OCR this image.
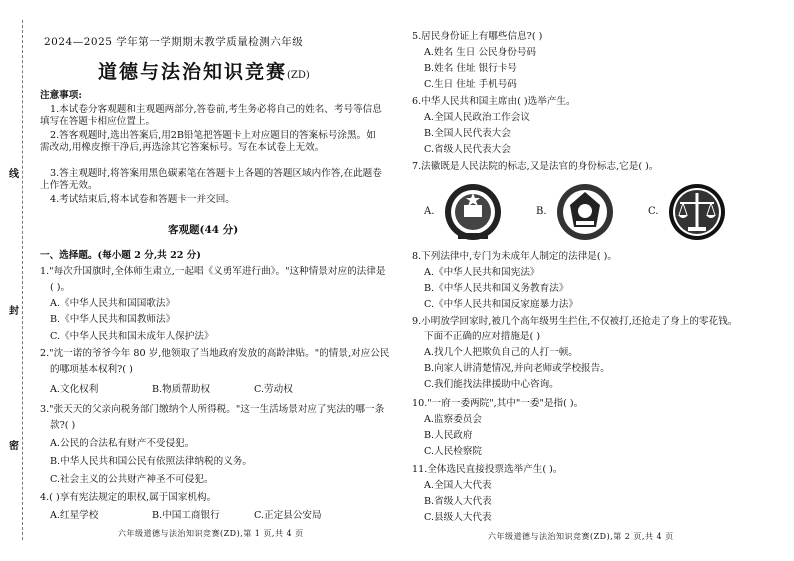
线
封
密
2024—2025 学年第一学期期末教学质量检测六年级
道德与法治知识竞赛(ZD)
注意事项:
1.本试卷分客观题和主观题两部分,答卷前,考生务必将自己的姓名、考号等信息填写在答题卡相应位置上。
2.答客观题时,选出答案后,用2B铅笔把答题卡上对应题目的答案标号涂黑。如需改动,用橡皮擦干净后,再选涂其它答案标号。写在本试卷上无效。
3.答主观题时,将答案用黑色碳素笔在答题卡上各题的答题区域内作答,在此题卷上作答无效。
4.考试结束后,将本试卷和答题卡一并交回。
客观题(44 分)
一、选择题。(每小题 2 分,共 22 分)
1."每次升国旗时,全体师生肃立,一起唱《义勇军进行曲》。"这种情景对应的法律是
( )。
A.《中华人民共和国国歌法》
B.《中华人民共和国教师法》
C.《中华人民共和国未成年人保护法》
2."沈一诺的爷爷今年 80 岁,他领取了当地政府发放的高龄津贴。"的情景,对应公民
的哪项基本权利?( )
A.文化权利	B.物质帮助权	C.劳动权
3."张天天的父亲向税务部门缴纳个人所得税。"这一生活场景对应了宪法的哪一条
款?( )
A.公民的合法私有财产不受侵犯。
B.中华人民共和国公民有依照法律纳税的义务。
C.社会主义的公共财产神圣不可侵犯。
4.( )享有宪法规定的职权,属于国家机构。
A.红星学校	B.中国工商银行	C.正定县公安局
六年级道德与法治知识竞赛(ZD),第 1 页,共 4 页
5.居民身份证上有哪些信息?( )
A.姓名 生日 公民身份号码
B.姓名 住址 银行卡号
C.生日 住址 手机号码
6.中华人民共和国主席由( )选举产生。
A.全国人民政治工作会议
B.全国人民代表大会
C.省级人民代表大会
7.法徽既是人民法院的标志,又是法官的身份标志,它是( )。
A.	B.	C.
8.下列法律中,专门为未成年人制定的法律是( )。
A.《中华人民共和国宪法》
B.《中华人民共和国义务教育法》
C.《中华人民共和国反家庭暴力法》
9.小明放学回家时,被几个高年级男生拦住,不仅被打,还抢走了身上的零花钱。
下面不正确的应对措施是( )
A.找几个人把欺负自己的人打一顿。
B.向家人讲清楚情况,并向老师或学校报告。
C.我们能找法律援助中心咨询。
10."一府一委两院",其中"一委"是指( )。
A.监察委员会
B.人民政府
C.人民检察院
11.全体选民直接投票选举产生( )。
A.全国人大代表
B.省级人大代表
C.县级人大代表
六年级道德与法治知识竞赛(ZD),第 2 页,共 4 页
